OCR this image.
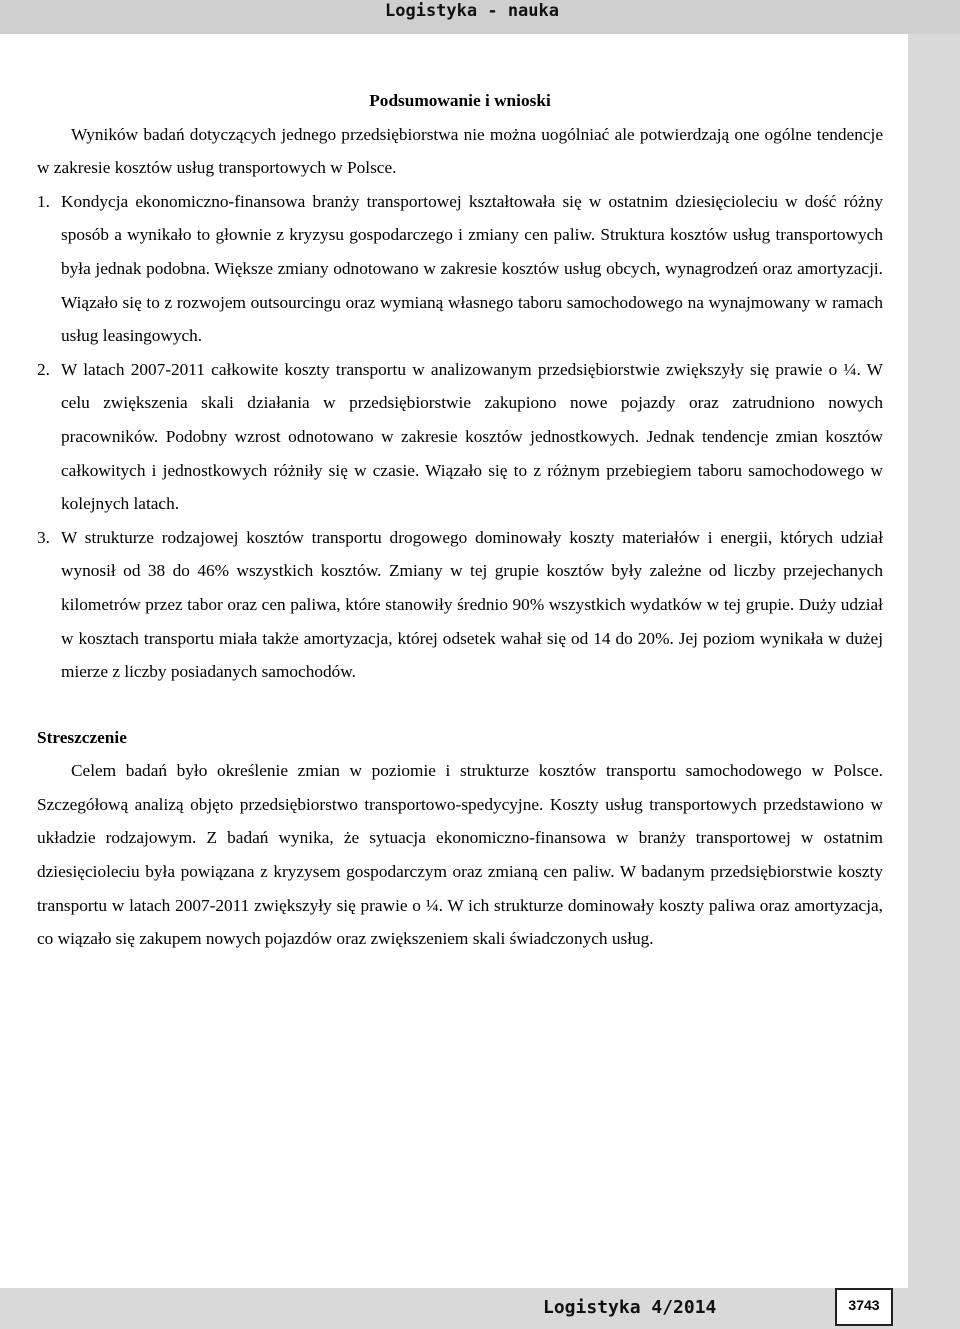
Logistyka - nauka

Podsumowanie i wnioski

Wyników badań dotyczących jednego przedsiębiorstwa nie można uogólniać ale potwierdzają one ogólne tendencje w zakresie kosztów usług transportowych w Polsce.

1. Kondycja ekonomiczno-finansowa branży transportowej kształtowała się w ostatnim dziesięcioleciu w dość różny sposób a wynikało to głownie z kryzysu gospodarczego i zmiany cen paliw. Struktura kosztów usług transportowych była jednak podobna. Większe zmiany odnotowano w zakresie kosztów usług obcych, wynagrodzeń oraz amortyzacji. Wiązało się to z rozwojem outsourcingu oraz wymianą własnego taboru samochodowego na wynajmowany w ramach usług leasingowych.
2. W latach 2007-2011 całkowite koszty transportu w analizowanym przedsiębiorstwie zwiększyły się prawie o ¼. W celu zwiększenia skali działania w przedsiębiorstwie zakupiono nowe pojazdy oraz zatrudniono nowych pracowników. Podobny wzrost odnotowano w zakresie kosztów jednostkowych. Jednak tendencje zmian kosztów całkowitych i jednostkowych różniły się w czasie. Wiązało się to z różnym przebiegiem taboru samochodowego w kolejnych latach.
3. W strukturze rodzajowej kosztów transportu drogowego dominowały koszty materiałów i energii, których udział wynosił od 38 do 46% wszystkich kosztów. Zmiany w tej grupie kosztów były zależne od liczby przejechanych kilometrów przez tabor oraz cen paliwa, które stanowiły średnio 90% wszystkich wydatków w tej grupie. Duży udział w kosztach transportu miała także amortyzacja, której odsetek wahał się od 14 do 20%. Jej poziom wynikała w dużej mierze z liczby posiadanych samochodów.

Streszczenie

Celem badań było określenie zmian w poziomie i strukturze kosztów transportu samochodowego w Polsce. Szczegółową analizą objęto przedsiębiorstwo transportowo-spedycyjne. Koszty usług transportowych przedstawiono w układzie rodzajowym. Z badań wynika, że sytuacja ekonomiczno-finansowa w branży transportowej w ostatnim dziesięcioleciu była powiązana z kryzysem gospodarczym oraz zmianą cen paliw. W badanym przedsiębiorstwie koszty transportu w latach 2007-2011 zwiększyły się prawie o ¼. W ich strukturze dominowały koszty paliwa oraz amortyzacja, co wiązało się zakupem nowych pojazdów oraz zwiększeniem skali świadczonych usług.

Logistyka 4/2014	3743
